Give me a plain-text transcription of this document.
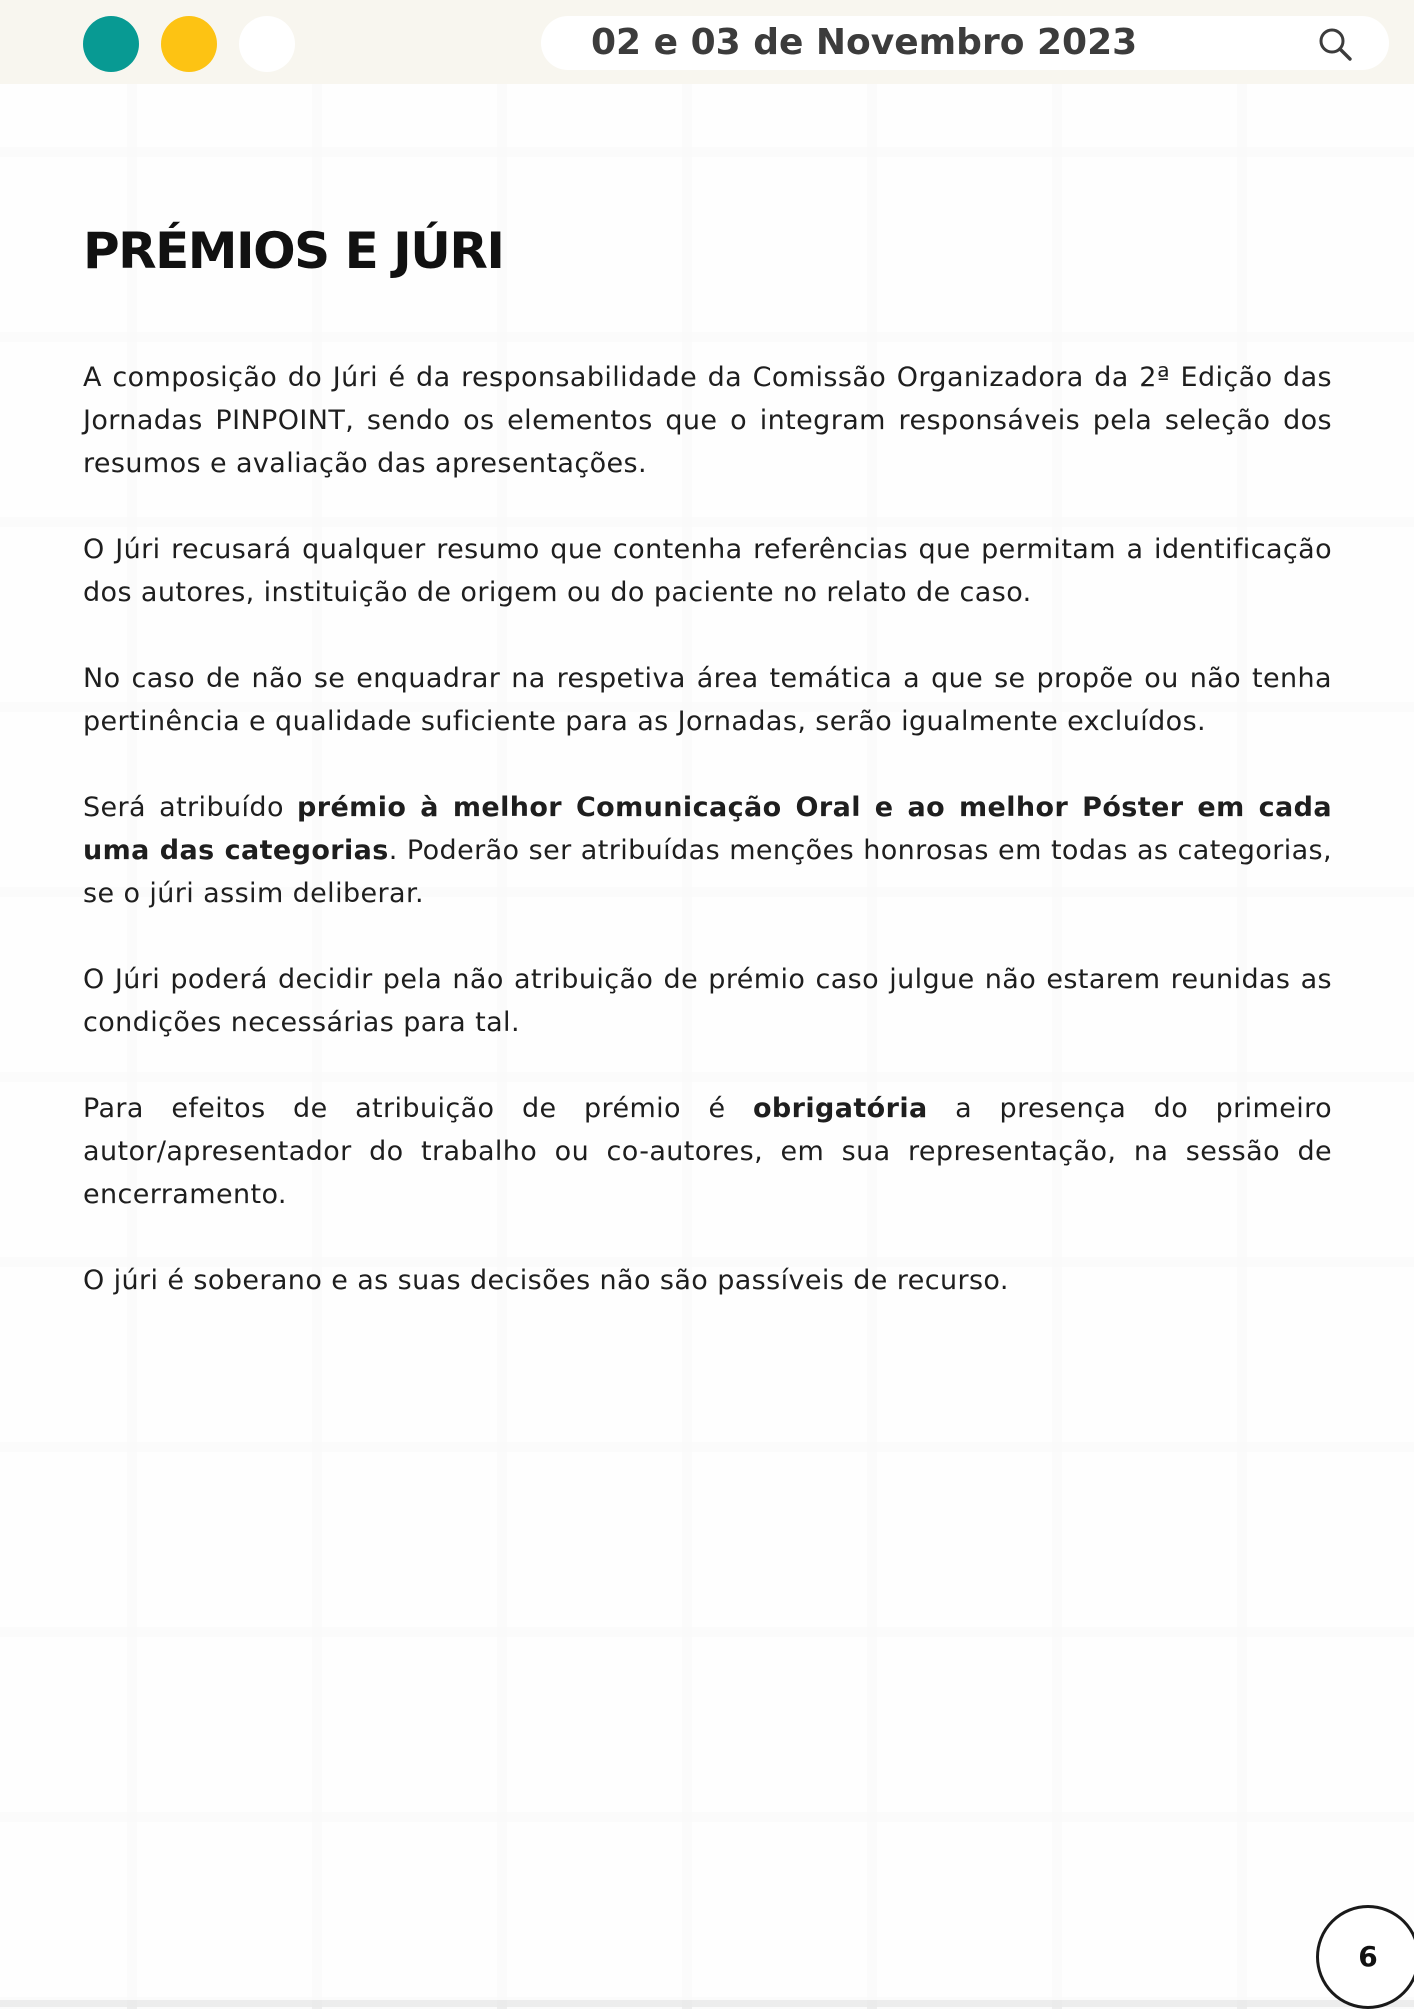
02 e 03 de Novembro 2023
PRÉMIOS E JÚRI

A composição do Júri é da responsabilidade da Comissão Organizadora da 2ª Edição das Jornadas PINPOINT, sendo os elementos que o integram responsáveis pela seleção dos resumos e avaliação das apresentações.

O Júri recusará qualquer resumo que contenha referências que permitam a identificação dos autores, instituição de origem ou do paciente no relato de caso.

No caso de não se enquadrar na respetiva área temática a que se propõe ou não tenha pertinência e qualidade suficiente para as Jornadas, serão igualmente excluídos.

Será atribuído prémio à melhor Comunicação Oral e ao melhor Póster em cada uma das categorias. Poderão ser atribuídas menções honrosas em todas as categorias, se o júri assim deliberar.

O Júri poderá decidir pela não atribuição de prémio caso julgue não estarem reunidas as condições necessárias para tal.

Para efeitos de atribuição de prémio é obrigatória a presença do primeiro autor/apresentador do trabalho ou co-autores, em sua representação, na sessão de encerramento.

O júri é soberano e as suas decisões não são passíveis de recurso.

6
